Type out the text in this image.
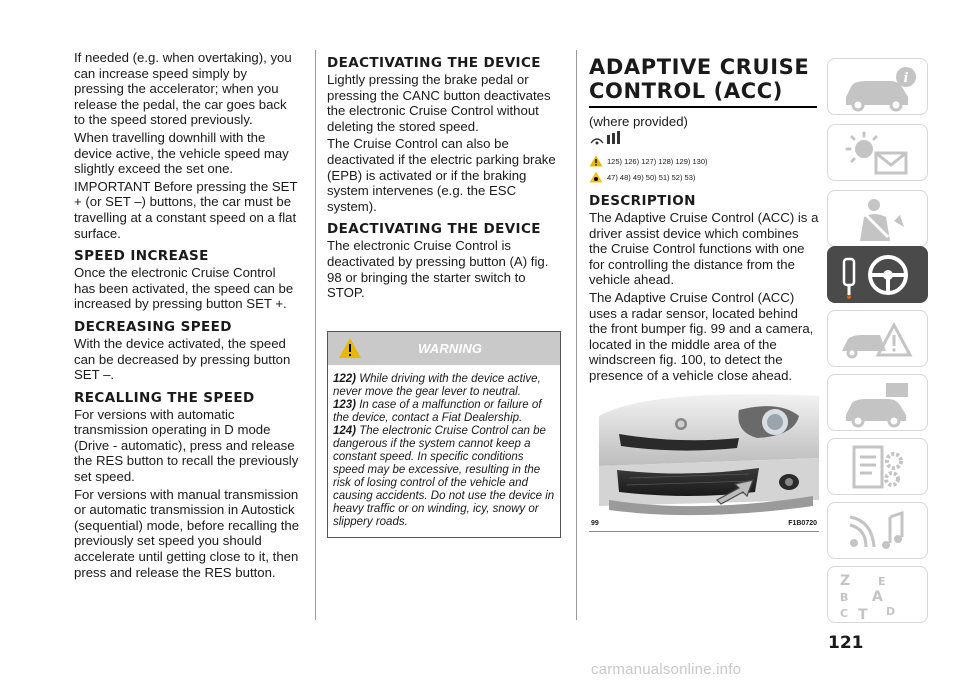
If needed (e.g. when overtaking), you can increase speed simply by pressing the accelerator; when you release the pedal, the car goes back to the speed stored previously.

When travelling downhill with the device active, the vehicle speed may slightly exceed the set one.

IMPORTANT Before pressing the SET + (or SET –) buttons, the car must be travelling at a constant speed on a flat surface.

SPEED INCREASE

Once the electronic Cruise Control has been activated, the speed can be increased by pressing button SET +.

DECREASING SPEED

With the device activated, the speed can be decreased by pressing button SET –.

RECALLING THE SPEED

For versions with automatic transmission operating in D mode (Drive - automatic), press and release the RES button to recall the previously set speed.

For versions with manual transmission or automatic transmission in Autostick (sequential) mode, before recalling the previously set speed you should accelerate until getting close to it, then press and release the RES button.

DEACTIVATING THE DEVICE

Lightly pressing the brake pedal or pressing the CANC button deactivates the electronic Cruise Control without deleting the stored speed.

The Cruise Control can also be deactivated if the electric parking brake (EPB) is activated or if the braking system intervenes (e.g. the ESC system).

DEACTIVATING THE DEVICE

The electronic Cruise Control is deactivated by pressing button (A) fig. 98 or bringing the starter switch to STOP.

WARNING

122) While driving with the device active, never move the gear lever to neutral.

123) In case of a malfunction or failure of the device, contact a Fiat Dealership.

124) The electronic Cruise Control can be dangerous if the system cannot keep a constant speed. In specific conditions speed may be excessive, resulting in the risk of losing control of the vehicle and causing accidents. Do not use the device in heavy traffic or on winding, icy, snowy or slippery roads.

ADAPTIVE CRUISE CONTROL (ACC)

(where provided)

125) 126) 127) 128) 129) 130)
47) 48) 49) 50) 51) 52) 53)
DESCRIPTION

The Adaptive Cruise Control (ACC) is a driver assist device which combines the Cruise Control functions with one for controlling the distance from the vehicle ahead.

The Adaptive Cruise Control (ACC) uses a radar sensor, located behind the front bumper fig. 99 and a camera, located in the middle area of the windscreen fig. 100, to detect the presence of a vehicle close ahead.

99	F1B0720
i
Z	E
A
B
C T D
121
carmanualsonline.info
